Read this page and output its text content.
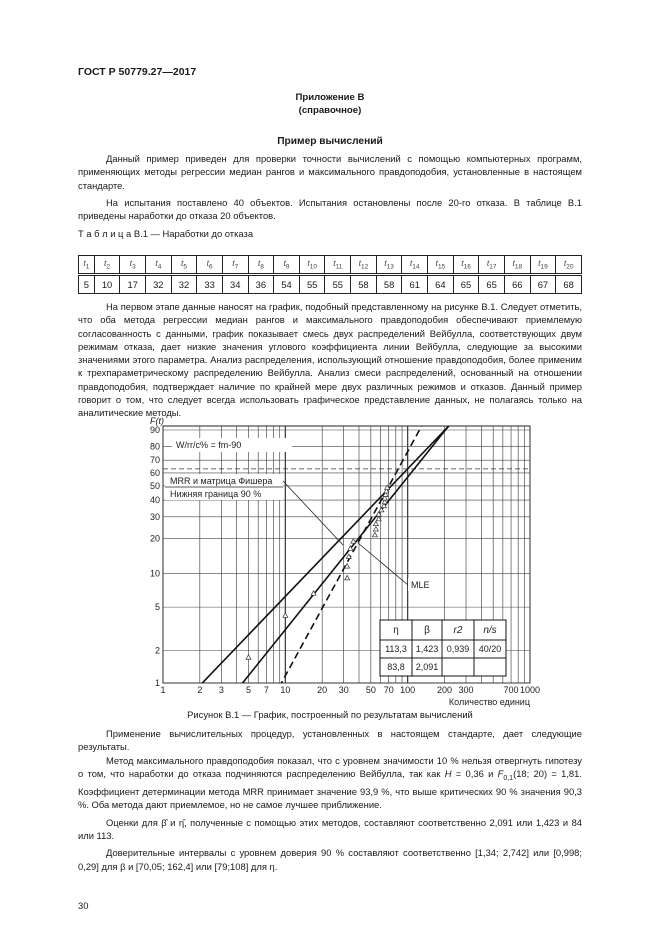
ГОСТ Р 50779.27—2017
Приложение В
(справочное)
Пример вычислений

Данный пример приведен для проверки точности вычислений с помощью компьютерных программ, применяющих методы регрессии медиан рангов и максимального правдоподобия, установленные в настоящем стандарте.

На испытания поставлено 40 объектов. Испытания остановлены после 20-го отказа. В таблице В.1 приведены наработки до отказа 20 объектов.

Т а б л и ц а В.1 — Наработки до отказа
$t_1$	$t_2$	$t_3$	$t_4$	$t_5$	$t_6$	$t_7$	$t_8$	$t_9$	$t_{10}$	$t_{11}$	$t_{12}$	$t_{13}$	$t_{14}$	$t_{15}$	$t_{16}$	$t_{17}$	$t_{18}$	$t_{19}$	$t_{20}$
5	10	17	32	32	33	34	36	54	55	55	58	58	61	64	65	65	66	67	68

На первом этапе данные наносят на график, подобный представленному на рисунке В.1. Следует отметить, что оба метода регрессии медиан рангов и максимального правдоподобия обеспечивают приемлемую согласованность с данными, график показывает смесь двух распределений Вейбулла, соответствующих двум режимам отказа, дает низкие значения углового коэффициента линии Вейбулла, следующие за высокими значениями этого параметра. Анализ распределения, использующий отношение правдоподобия, более применим к трехпараметрическому распределению Вейбулла. Анализ смеси распределений, основанный на отношении правдоподобия, подтверждает наличие по крайней мере двух различных режимов и отказов. Данный пример говорит о том, что следует всегда использовать графическое представление данных, не полагаясь только на аналитические методы.

1
2
5
10
20
30
40
50
60
70
80
90
1	2 3 5 7 10	20 30 50 70 100 200 300	700 1000
F(t)
Количество единиц
W/rr/c% = fm-90
MRR и матрица Фишера
Нижняя граница 90 %
MLE
η	β r2 n/s
113,3 1,423 0,939 40/20
83,8 2,091
Рисунок В.1 — График, построенный по результатам вычислений

Применение вычислительных процедур, установленных в настоящем стандарте, дает следующие результаты.

Метод максимального правдоподобия показал, что с уровнем значимости 10 % нельзя отвергнуть гипотезу о том, что наработки до отказа подчиняются распределению Вейбулла, так как H = 0,36 и $F_{0,1}(18$; 20) = 1,81. Коэффициент детерминации метода MRR принимает значение 93,9 %, что выше критических 90 % значения 90,3 %. Оба метода дают приемлемое, но не самое лучшее приближение.

Оценки для β̂ и η̂, полученные с помощью этих методов, составляют соответственно 2,091 или 1,423 и 84 или 113.

Доверительные интервалы с уровнем доверия 90 % составляют соответственно [1,34; 2,742] или [0,998; 0,29] для β и [70,05; 162,4] или [79;108] для η.

30
